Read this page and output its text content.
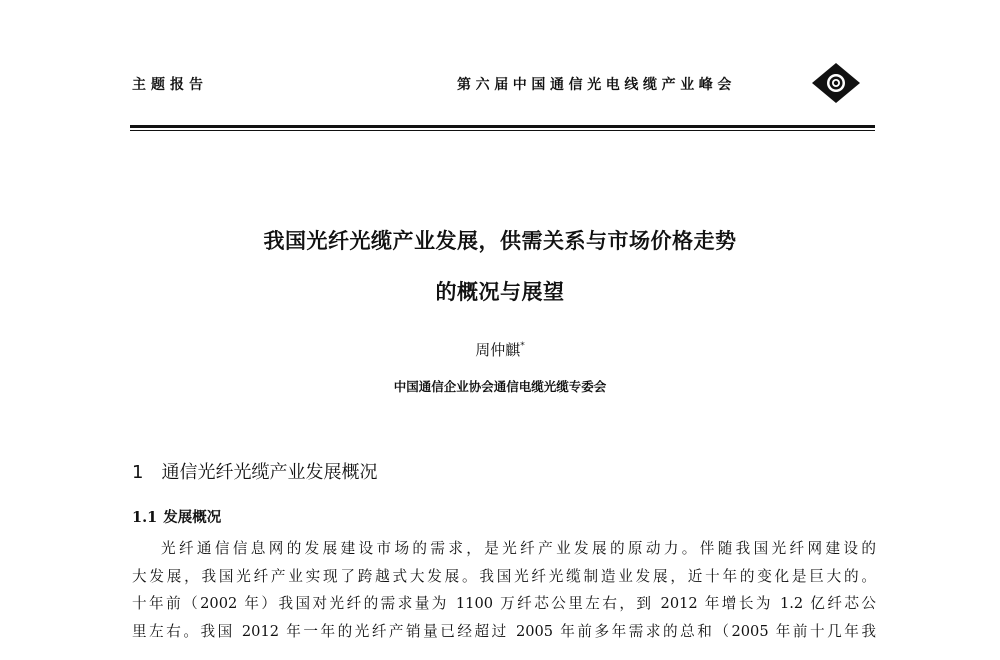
主题报告	第六届中国通信光电线缆产业峰会
我国光纤光缆产业发展，供需关系与市场价格走势
的概况与展望
周仲麒*
中国通信企业协会通信电缆光缆专委会
1 通信光纤光缆产业发展概况
1.1 发展概况
光纤通信信息网的发展建设市场的需求，是光纤产业发展的原动力。伴随我国光纤网建设的
大发展，我国光纤产业实现了跨越式大发展。我国光纤光缆制造业发展，近十年的变化是巨大的。
十年前（2002 年）我国对光纤的需求量为 1100 万纤芯公里左右，到 2012 年增长为 1.2 亿纤芯公
里左右。我国 2012 年一年的光纤产销量已经超过 2005 年前多年需求的总和（2005 年前十几年我
